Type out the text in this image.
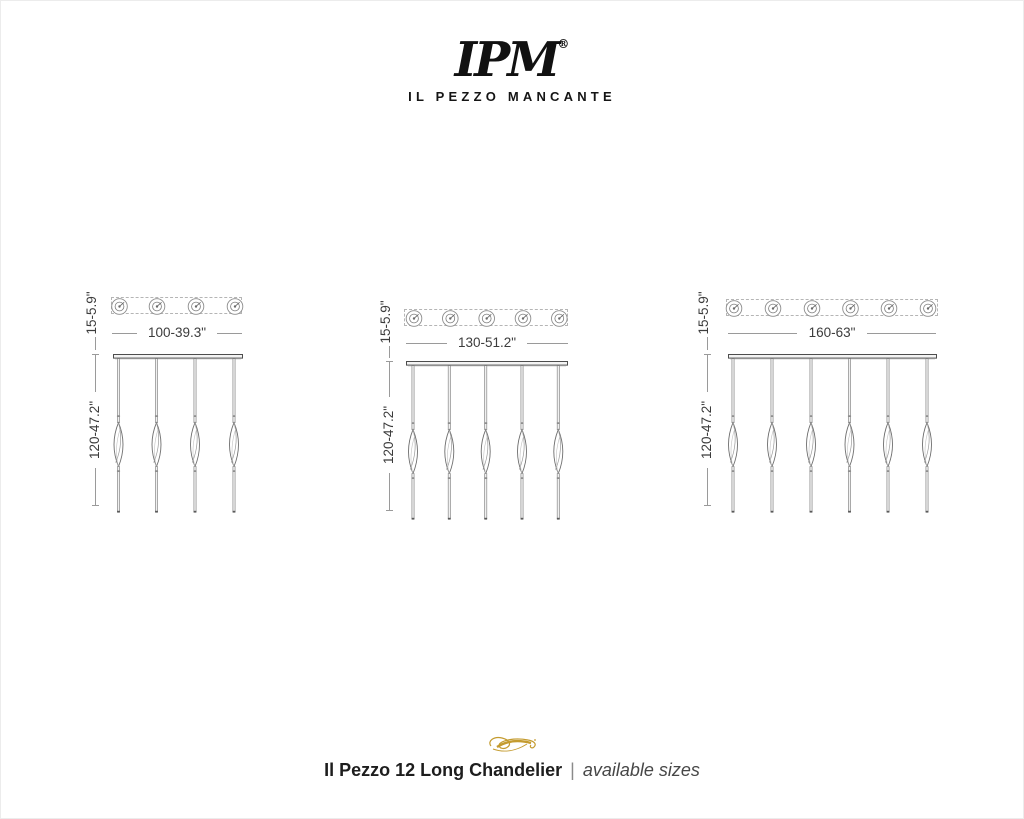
IPM®
IL PEZZO MANCANTE
15-5.9"	100-39.3"
120-47.2"
15-5.9"	130-51.2"
120-47.2"
15-5.9"	160-63"
120-47.2"
Il Pezzo 12 Long Chandelier | available sizes
